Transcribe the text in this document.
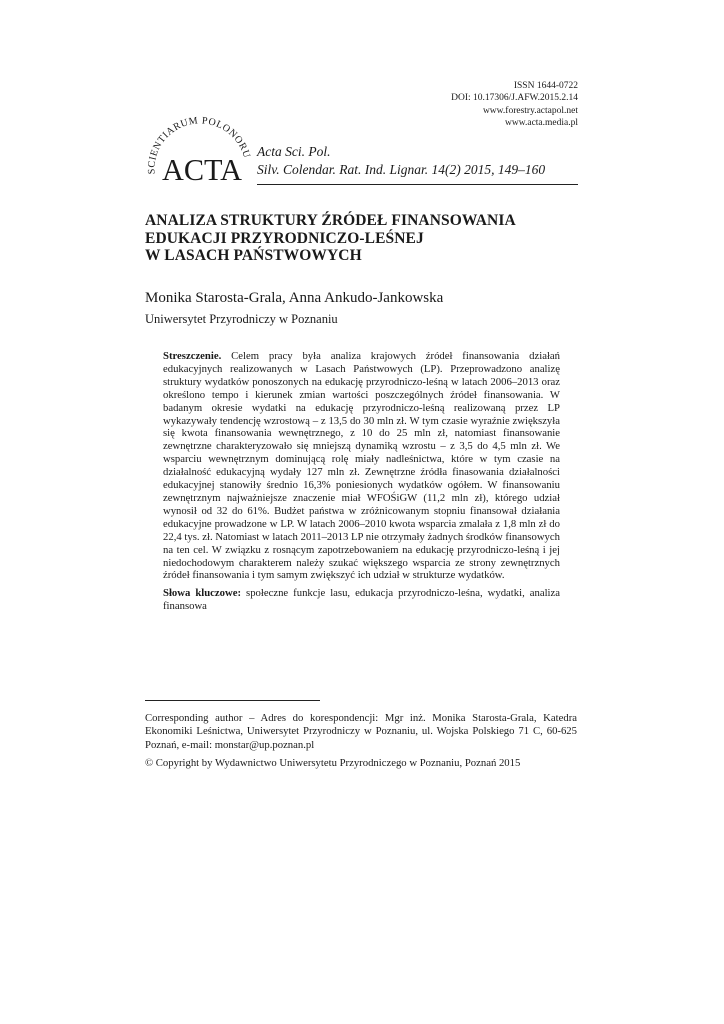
ISSN 1644-0722
DOI: 10.17306/J.AFW.2015.2.14
www.forestry.actapol.net
www.acta.media.pl
SCIENTIARUM POLONORU
ACTA
Acta Sci. Pol.
Silv. Colendar. Rat. Ind. Lignar. 14(2) 2015, 149–160
ANALIZA STRUKTURY ŹRÓDEŁ FINANSOWANIA
EDUKACJI PRZYRODNICZO-LEŚNEJ
W LASACH PAŃSTWOWYCH
Monika Starosta-Grala, Anna Ankudo-Jankowska
Uniwersytet Przyrodniczy w Poznaniu

Streszczenie. Celem pracy była analiza krajowych źródeł finansowania działań edukacyjnych realizowanych w Lasach Państwowych (LP). Przeprowadzono analizę struktury wydatków ponoszonych na edukację przyrodniczo-leśną w latach 2006–2013 oraz określono tempo i kierunek zmian wartości poszczególnych źródeł finansowania. W badanym okresie wydatki na edukację przyrodniczo-leśną realizowaną przez LP wykazywały tendencję wzrostową – z 13,5 do 30 mln zł. W tym czasie wyraźnie zwiększyła się kwota finansowania wewnętrznego, z 10 do 25 mln zł, natomiast finansowanie zewnętrzne charakteryzowało się mniejszą dynamiką wzrostu – z 3,5 do 4,5 mln zł. We wsparciu wewnętrznym dominującą rolę miały nadleśnictwa, które w tym czasie na działalność edukacyjną wydały 127 mln zł. Zewnętrzne źródła finasowania działalności edukacyjnej stanowiły średnio 16,3% poniesionych wydatków ogółem. W finansowaniu zewnętrznym najważniejsze znaczenie miał WFOŚiGW (11,2 mln zł), którego udział wynosił od 32 do 61%. Budżet państwa w zróżnicowanym stopniu finansował działania edukacyjne prowadzone w LP. W latach 2006–2010 kwota wsparcia zmalała z 1,8 mln zł do 22,4 tys. zł. Natomiast w latach 2011–2013 LP nie otrzymały żadnych środków finansowych na ten cel. W związku z rosnącym zapotrzebowaniem na edukację przyrodniczo-leśną i jej niedochodowym charakterem należy szukać większego wsparcia ze strony zewnętrznych źródeł finansowania i tym samym zwiększyć ich udział w strukturze wydatków.

Słowa kluczowe: społeczne funkcje lasu, edukacja przyrodniczo-leśna, wydatki, analiza finansowa

Corresponding author – Adres do korespondencji: Mgr inż. Monika Starosta-Grala, Katedra Ekonomiki Leśnictwa, Uniwersytet Przyrodniczy w Poznaniu, ul. Wojska Polskiego 71 C, 60-625 Poznań, e-mail: monstar@up.poznan.pl

© Copyright by Wydawnictwo Uniwersytetu Przyrodniczego w Poznaniu, Poznań 2015
